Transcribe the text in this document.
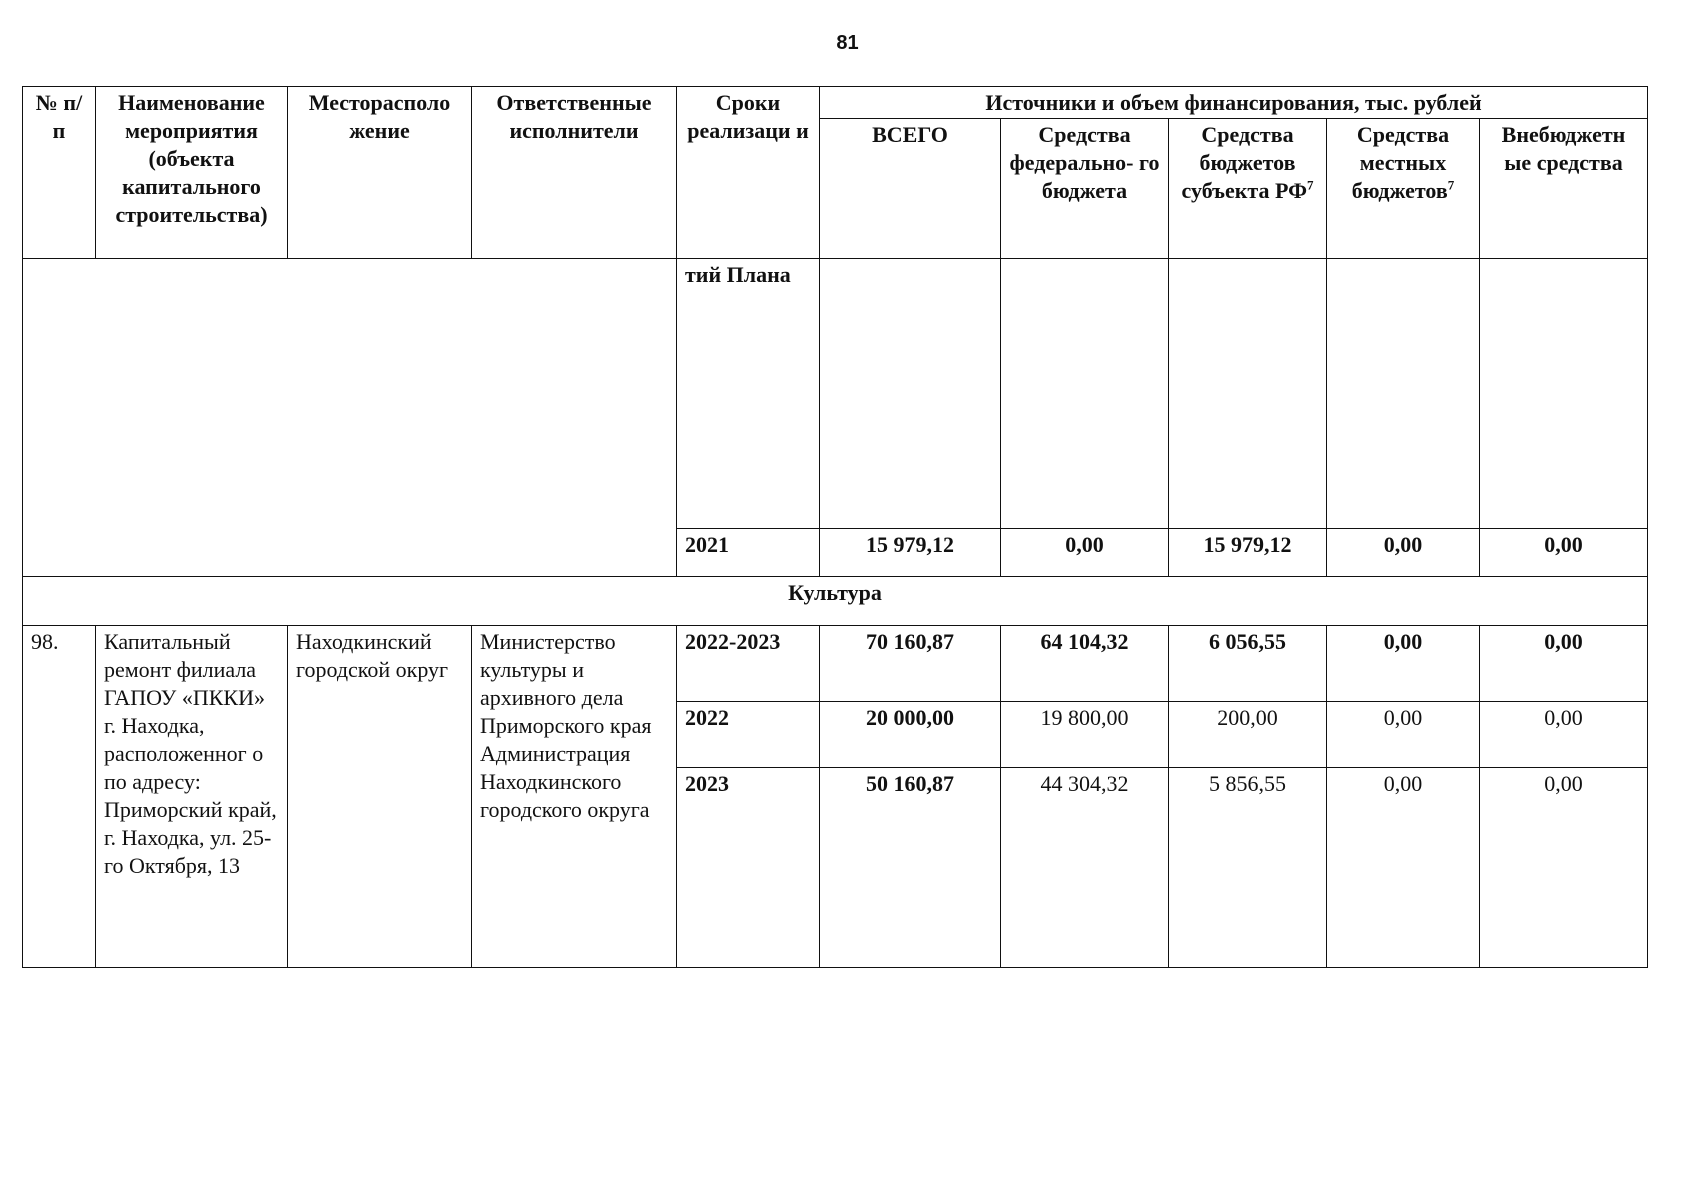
81
№ п/п	Наименование мероприятия (объекта капитального строительства)	Месторасполо жение	Ответственные исполнители	Сроки реализаци и	Источники и объем финансирования, тыс. рублей				
					ВСЕГО	Средства федерально- го бюджета	Средства бюджетов субъекта $РФ^7$	Средства местных бюджетов$^7$	Внебюджетн ые средства
				тий Плана					
				2021	15 979,12	0,00	15 979,12	0,00	0,00
Культура									
98.	Капитальный ремонт филиала ГАПОУ «ПККИ» г. Находка, расположенног о по адресу: Приморский край, г. Находка, ул. 25-го Октября, 13	Находкинский городской округ	Министерство культуры и архивного дела Приморского края Администрация Находкинского городского округа	2022-2023	70 160,87	64 104,32	6 056,55	0,00	0,00
				2022	20 000,00	19 800,00	200,00	0,00	0,00
				2023	50 160,87	44 304,32	5 856,55	0,00	0,00
